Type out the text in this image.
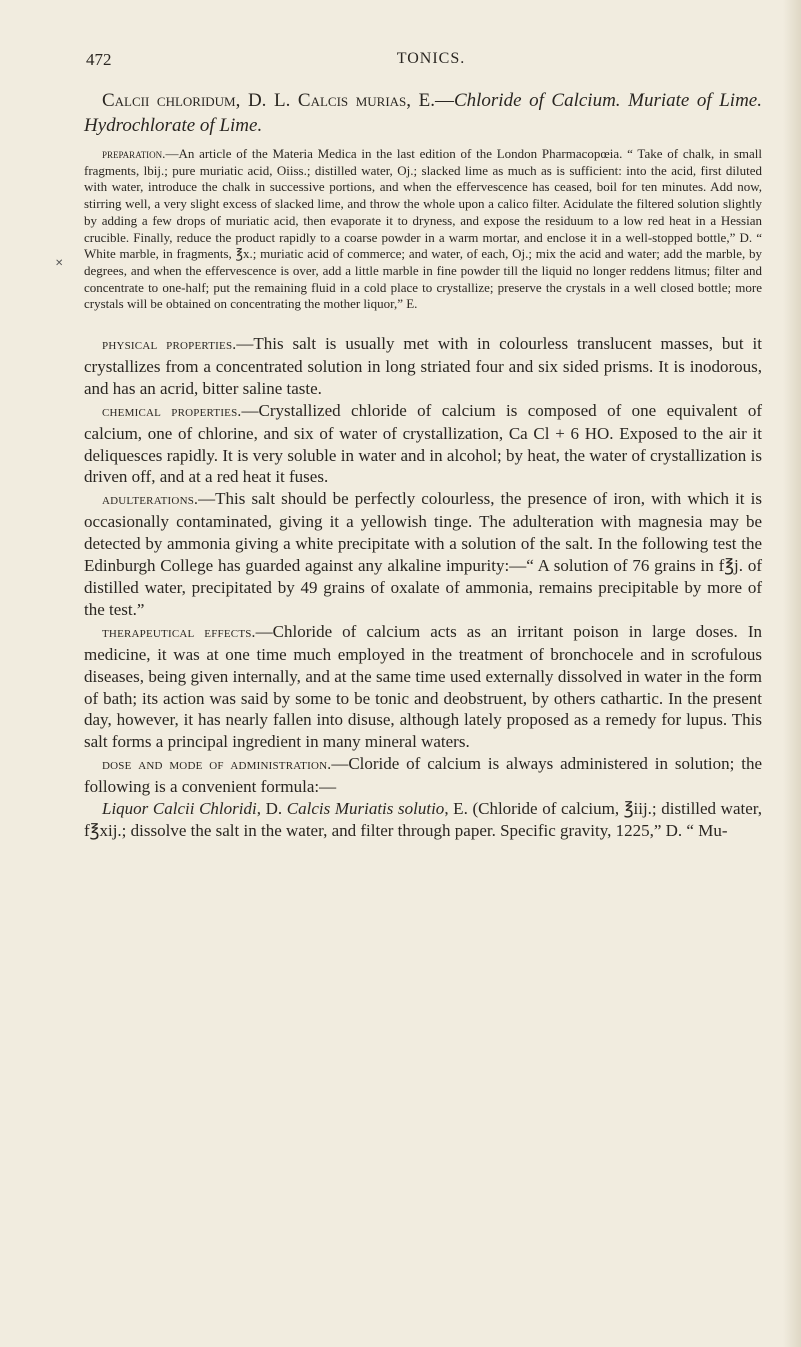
472	TONICS.
✕

Calcii chloridum, D. L. Calcis murias, E.—Chloride of Calcium. Muriate of Lime. Hydrochlorate of Lime.

preparation.—An article of the Materia Medica in the last edition of the London Pharmacopœia. “ Take of chalk, in small fragments, lbij.; pure muriatic acid, Oiiss.; distilled water, Oj.; slacked lime as much as is sufficient: into the acid, first diluted with water, introduce the chalk in successive portions, and when the effervescence has ceased, boil for ten minutes. Add now, stirring well, a very slight excess of slacked lime, and throw the whole upon a calico filter. Acidulate the filtered solution slightly by adding a few drops of muriatic acid, then evaporate it to dryness, and expose the residuum to a low red heat in a Hessian crucible. Finally, reduce the product rapidly to a coarse powder in a warm mortar, and enclose it in a well-stopped bottle,” D. “ White marble, in fragments, ℥x.; muriatic acid of commerce; and water, of each, Oj.; mix the acid and water; add the marble, by degrees, and when the effervescence is over, add a little marble in fine powder till the liquid no longer reddens litmus; filter and concentrate to one-half; put the remaining fluid in a cold place to crystallize; preserve the crystals in a well closed bottle; more crystals will be obtained on concentrating the mother liquor,” E.

physical properties.—This salt is usually met with in colourless translucent masses, but it crystallizes from a concentrated solution in long striated four and six sided prisms. It is inodorous, and has an acrid, bitter saline taste.

chemical properties.—Crystallized chloride of calcium is composed of one equivalent of calcium, one of chlorine, and six of water of crystallization, Ca Cl + 6 HO. Exposed to the air it deliquesces rapidly. It is very soluble in water and in alcohol; by heat, the water of crystallization is driven off, and at a red heat it fuses.

adulterations.—This salt should be perfectly colourless, the presence of iron, with which it is occasionally contaminated, giving it a yellowish tinge. The adulteration with magnesia may be detected by ammonia giving a white precipitate with a solution of the salt. In the following test the Edinburgh College has guarded against any alkaline impurity:—“ A solution of 76 grains in f℥j. of distilled water, precipitated by 49 grains of oxalate of ammonia, remains precipitable by more of the test.”

therapeutical effects.—Chloride of calcium acts as an irritant poison in large doses. In medicine, it was at one time much employed in the treatment of bronchocele and in scrofulous diseases, being given internally, and at the same time used externally dissolved in water in the form of bath; its action was said by some to be tonic and deobstruent, by others cathartic. In the present day, however, it has nearly fallen into disuse, although lately proposed as a remedy for lupus. This salt forms a principal ingredient in many mineral waters.

dose and mode of administration.—Cloride of calcium is always administered in solution; the following is a convenient formula:—

Liquor Calcii Chloridi, D. Calcis Muriatis solutio, E. (Chloride of calcium, ℥iij.; distilled water, f℥xij.; dissolve the salt in the water, and filter through paper. Specific gravity, 1225,” D. “ Mu-
